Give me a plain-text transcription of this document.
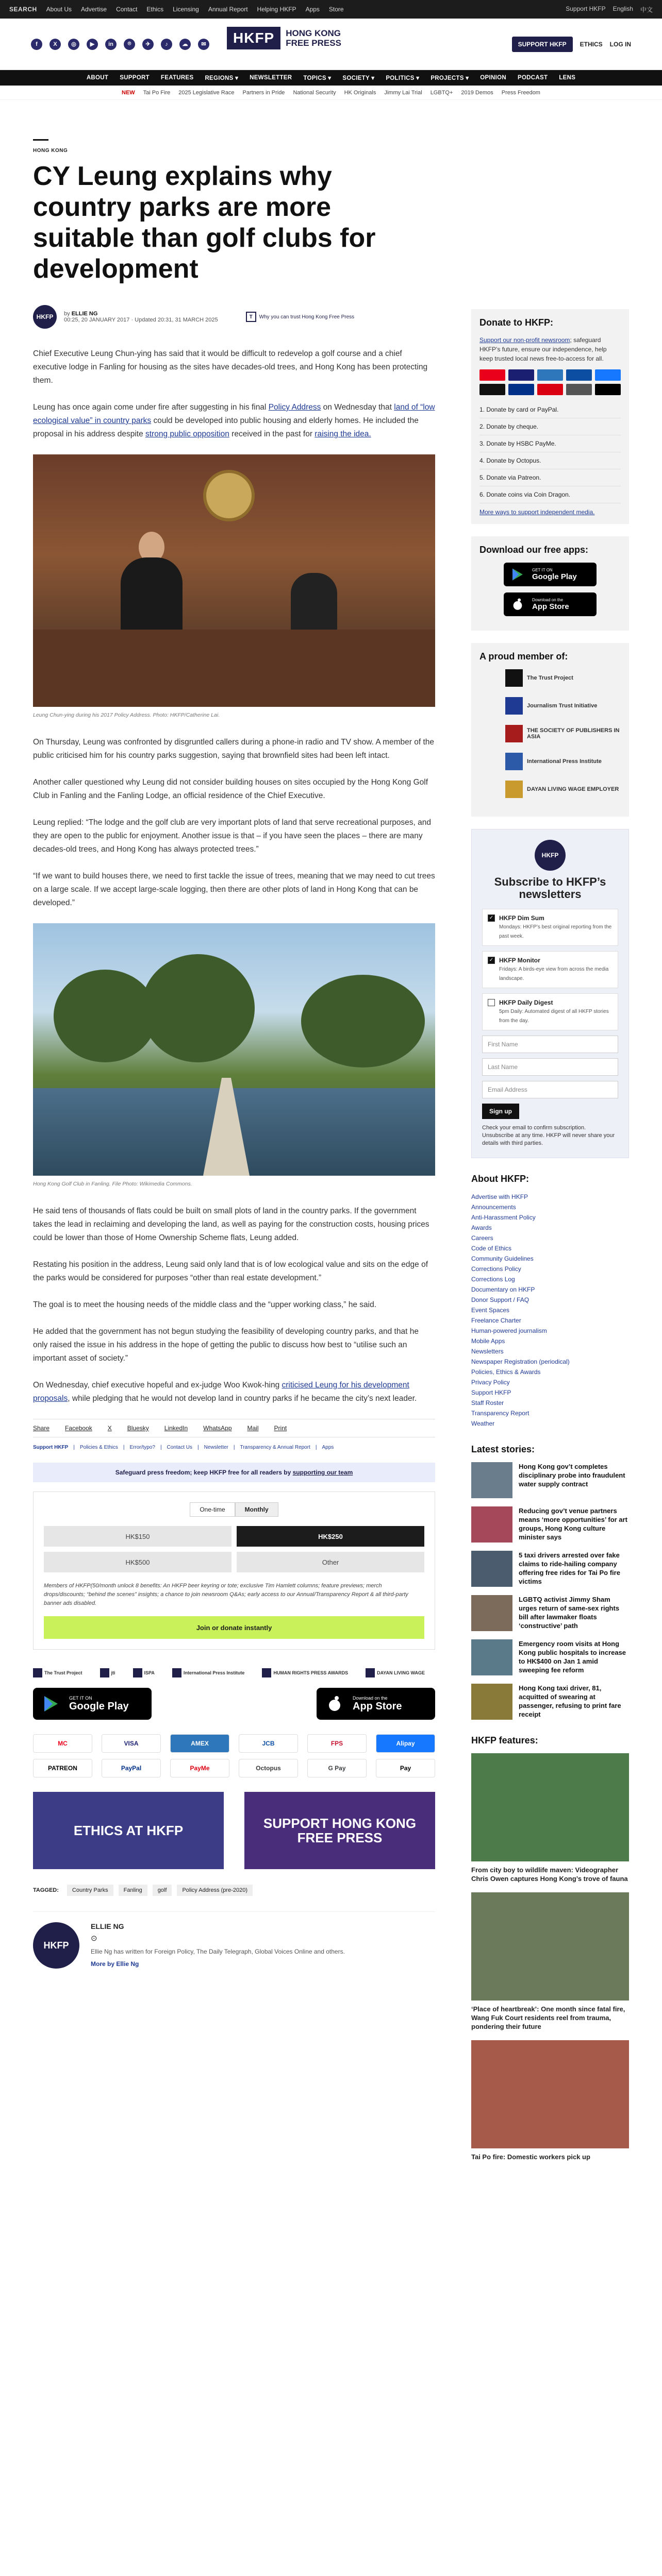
SEARCH About Us Advertise Contact Ethics Licensing Annual Report Helping HKFP Apps Store	Support HKFP English 中文
f	X	◎	▶	in	⌾	✈	♪	☁	✉	HKFP	HONG KONG
FREE PRESS	SUPPORT HKFP	ETHICS LOG IN
ABOUT SUPPORT FEATURES REGIONS ▾ NEWSLETTER TOPICS ▾ SOCIETY ▾ POLITICS ▾ PROJECTS ▾ OPINION PODCAST LENS
NEW Tai Po Fire 2025 Legislative Race Partners in Pride National Security HK Originals Jimmy Lai Trial LGBTQ+ 2019 Demos Press Freedom
HONG KONG
CY Leung explains why country parks are more suitable than golf clubs for development
HKFP	by ELLIE NG
00:25, 20 JANUARY 2017 · Updated 20:31, 31 MARCH 2025	T	Why you can trust Hong Kong Free Press

Chief Executive Leung Chun-ying has said that it would be difficult to redevelop a golf course and a chief executive lodge in Fanling for housing as the sites have decades-old trees, and Hong Kong has been protecting them.

Leung has once again come under fire after suggesting in his final Policy Address on Wednesday that land of “low ecological value” in country parks could be developed into public housing and elderly homes. He included the proposal in his address despite strong public opposition received in the past for raising the idea.

Leung Chun-ying during his 2017 Policy Address. Photo: HKFP/Catherine Lai.

On Thursday, Leung was confronted by disgruntled callers during a phone-in radio and TV show. A member of the public criticised him for his country parks suggestion, saying that brownfield sites had been left intact.

Another caller questioned why Leung did not consider building houses on sites occupied by the Hong Kong Golf Club in Fanling and the Fanling Lodge, an official residence of the Chief Executive.

Leung replied: “The lodge and the golf club are very important plots of land that serve recreational purposes, and they are open to the public for enjoyment. Another issue is that – if you have seen the places – there are many decades-old trees, and Hong Kong has always protected trees.”

“If we want to build houses there, we need to first tackle the issue of trees, meaning that we may need to cut trees on a large scale. If we accept large-scale logging, then there are other plots of land in Hong Kong that can be developed.”

Hong Kong Golf Club in Fanling. File Photo: Wikimedia Commons.

He said tens of thousands of flats could be built on small plots of land in the country parks. If the government takes the lead in reclaiming and developing the land, as well as paying for the construction costs, housing prices could be lower than those of Home Ownership Scheme flats, Leung added.

Restating his position in the address, Leung said only land that is of low ecological value and sits on the edge of the parks would be considered for purposes “other than real estate development.”

The goal is to meet the housing needs of the middle class and the “upper working class,” he said.

He added that the government has not begun studying the feasibility of developing country parks, and that he only raised the issue in his address in the hope of getting the public to discuss how best to “utilise such an important asset of society.”

On Wednesday, chief executive hopeful and ex-judge Woo Kwok-hing criticised Leung for his development proposals, while pledging that he would not develop land in country parks if he became the city’s next leader.

Share	Facebook	X	Bluesky	LinkedIn	WhatsApp	Mail	Print
Support HKFP | Policies & Ethics | Error/typo? | Contact Us | Newsletter | Transparency & Annual Report | Apps
Safeguard press freedom; keep HKFP free for all readers by supporting our team
One-time	Monthly
HK$150	HK$250
HK$500	Other
Members of HKFP(50/month unlock 8 benefits: An HKFP beer keyring or tote; exclusive Tim Hamlett columns; feature previews; merch drops/discounts; “behind the scenes” insights; a chance to join newsroom Q&As; early access to our Annual/Transparency Report & all third-party banner ads disabled.
Join or donate instantly
The Trust Project	jti	ISPA	International Press Institute	HUMAN RIGHTS PRESS AWARDS	DAYAN LIVING WAGE
GET IT ON
Google Play
Download on the
App Store
MC	VISA	AMEX	JCB	FPS	Alipay
PATREON	PayPal	PayMe	Octopus	G Pay	Pay
ETHICS AT HKFP	SUPPORT HONG KONG FREE PRESS
TAGGED:	Country Parks	Fanling	golf	Policy Address (pre-2020)
HKFP
ELLIE NG
⊙
Ellie Ng has written for Foreign Policy, The Daily Telegraph, Global Voices Online and others.
More by Ellie Ng
Donate to HKFP:

Support our non-profit newsroom; safeguard HKFP’s future, ensure our independence, help keep trusted local news free-to-access for all.

1. Donate by card or PayPal.
2. Donate by cheque.
3. Donate by HSBC PayMe.
4. Donate by Octopus.
5. Donate via Patreon.
6. Donate coins via Coin Dragon.
More ways to support independent media.
Download our free apps:
GET IT ON
Google Play
Download on the
App Store
A proud member of:
The Trust Project
Journalism Trust Initiative
THE SOCIETY OF PUBLISHERS IN ASIA
International Press Institute
DAYAN LIVING WAGE EMPLOYER
HKFP
Subscribe to HKFP’s newsletters
✓ HKFP Dim Sum
Mondays: HKFP’s best original reporting from the past week.
✓ HKFP Monitor
Fridays: A birds-eye view from across the media landscape.
HKFP Daily Digest
5pm Daily: Automated digest of all HKFP stories from the day.
First Name
Last Name
Email Address
Sign up
Check your email to confirm subscription. Unsubscribe at any time. HKFP will never share your details with third parties.
About HKFP:
Advertise with HKFP
Announcements
Anti-Harassment Policy
Awards
Careers
Code of Ethics
Community Guidelines
Corrections Policy
Corrections Log
Documentary on HKFP
Donor Support / FAQ
Event Spaces
Freelance Charter
Human-powered journalism
Mobile Apps
Newsletters
Newspaper Registration (periodical)
Policies, Ethics & Awards
Privacy Policy
Support HKFP
Staff Roster
Transparency Report
Weather
Latest stories:
Hong Kong gov’t completes disciplinary probe into fraudulent water supply contract
Reducing gov’t venue partners means ‘more opportunities’ for art groups, Hong Kong culture minister says
5 taxi drivers arrested over fake claims to ride-hailing company offering free rides for Tai Po fire victims
LGBTQ activist Jimmy Sham urges return of same-sex rights bill after lawmaker floats ‘constructive’ path
Emergency room visits at Hong Kong public hospitals to increase to HK$400 on Jan 1 amid sweeping fee reform
Hong Kong taxi driver, 81, acquitted of swearing at passenger, refusing to print fare receipt
HKFP features:
From city boy to wildlife maven: Videographer Chris Owen captures Hong Kong’s trove of fauna
‘Place of heartbreak’: One month since fatal fire, Wang Fuk Court residents reel from trauma, pondering their future
Tai Po fire: Domestic workers pick up
